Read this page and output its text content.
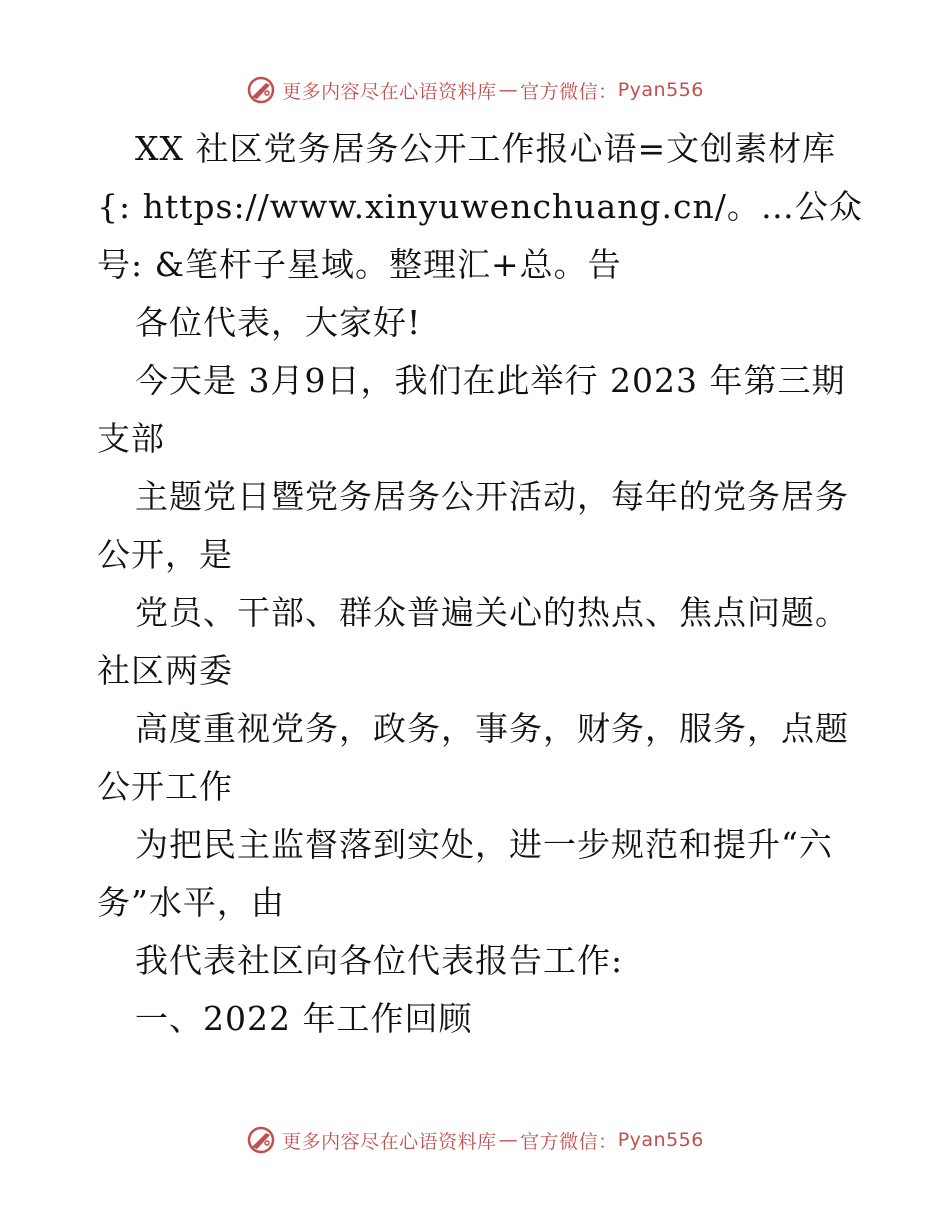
更多内容尽在心语资料库 — 官方微信： Pyan556
XX 社区党务居务公开工作报心语=文创素材库
{: https://www.xinyuwenchuang.cn/。…公众
号: &笔杆子星域。整理汇+总。告
各位代表，大家好!
今天是 3月9日，我们在此举行 2023 年第三期
支部
主题党日暨党务居务公开活动，每年的党务居务
公开，是
党员、干部、群众普遍关心的热点、焦点问题。
社区两委
高度重视党务，政务，事务，财务，服务，点题
公开工作
为把民主监督落到实处，进一步规范和提升“六
务”水平，由
我代表社区向各位代表报告工作:
一、2022 年工作回顾
更多内容尽在心语资料库 — 官方微信： Pyan556
